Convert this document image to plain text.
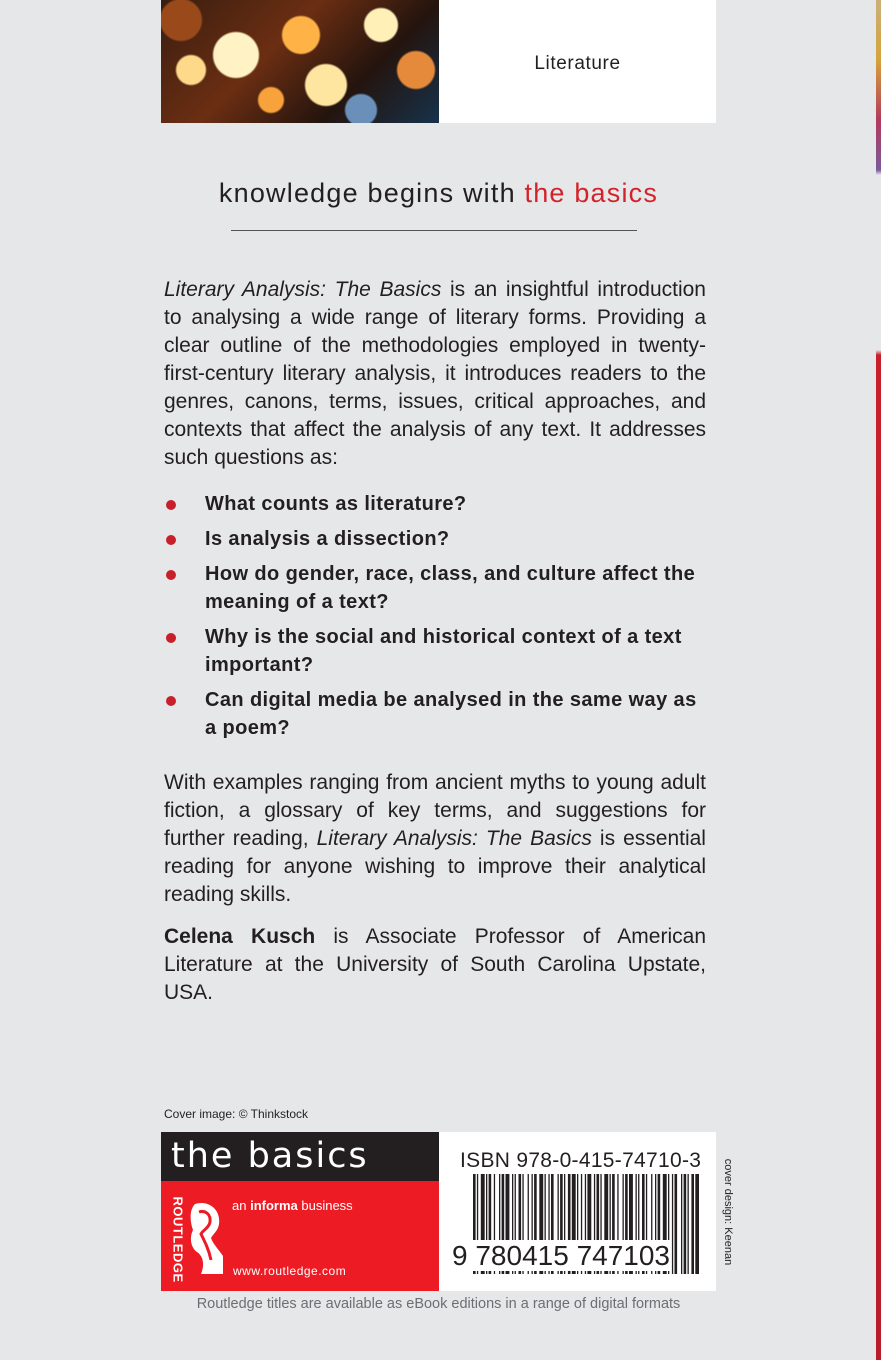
Literature
knowledge begins with the basics

Literary Analysis: The Basics is an insightful introduction to analysing a wide range of literary forms. Providing a clear outline of the methodologies employed in twenty-first-century literary analysis, it introduces readers to the genres, canons, terms, issues, critical approaches, and contexts that affect the analysis of any text. It addresses such questions as:

What counts as literature?
Is analysis a dissection?
How do gender, race, class, and culture affect the meaning of a text?
Why is the social and historical context of a text important?
Can digital media be analysed in the same way as a poem?

With examples ranging from ancient myths to young adult fiction, a glossary of key terms, and suggestions for further reading, Literary Analysis: The Basics is essential reading for anyone wishing to improve their analytical reading skills.

Celena Kusch is Associate Professor of American Literature at the University of South Carolina Upstate, USA.

Cover image: © Thinkstock
the basics
ROUTLEDGE	an informa business
www.routledge.com
ISBN 978-0-415-74710-3
9 780415 747103	cover design: Keenan
Routledge titles are available as eBook editions in a range of digital formats
